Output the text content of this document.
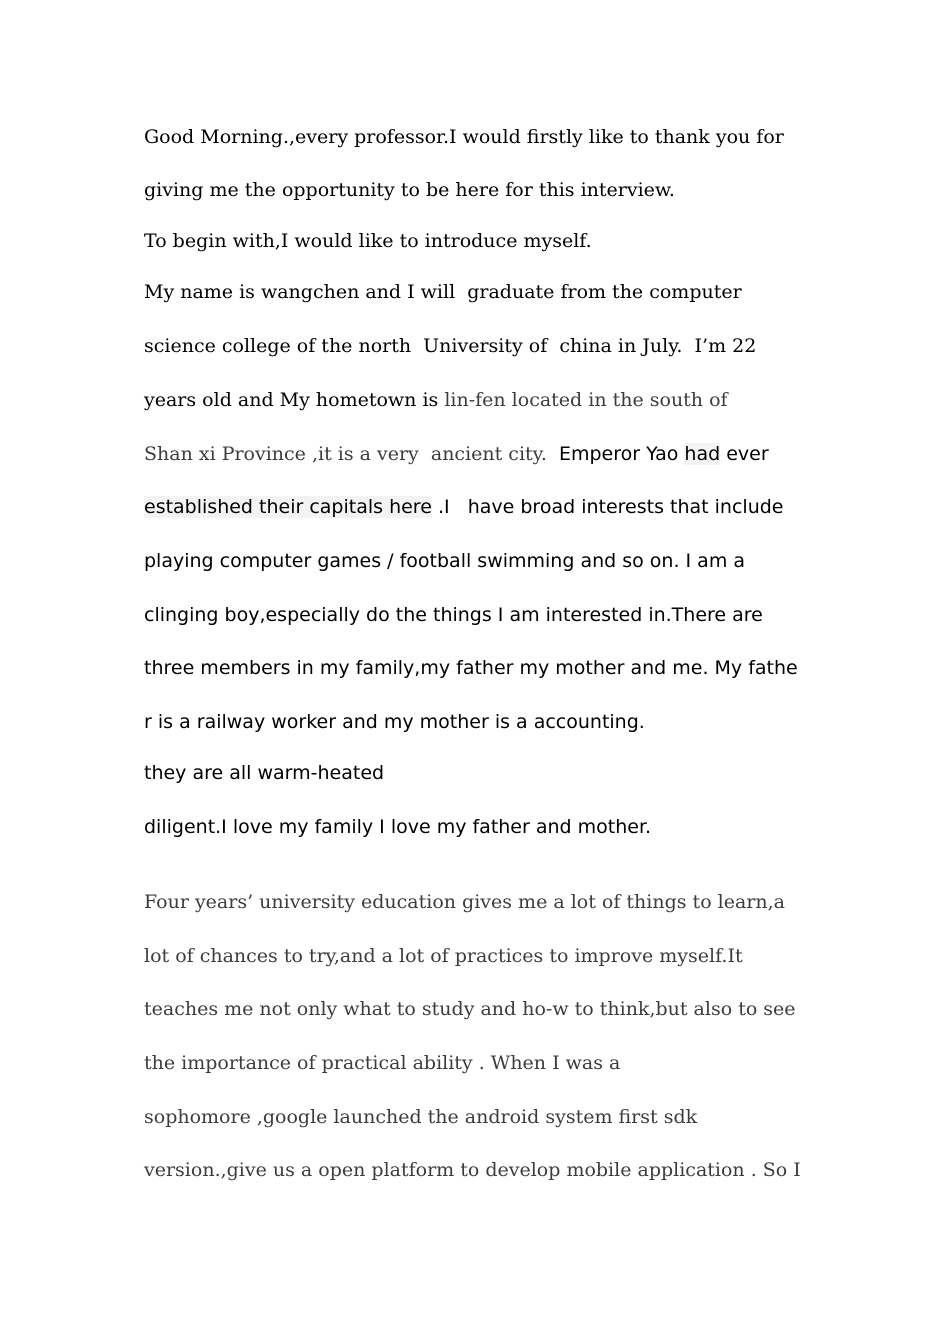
Good Morning.,every professor.I would firstly like to thank you for
giving me the opportunity to be here for this interview.
To begin with,I would like to introduce myself.
My name is wangchen and I will  graduate from the computer
science college of the north  University of  china in July.  I’m 22
years old and My hometown is lin-fen located in the south of
Shan xi Province ,it is a very  ancient city.  Emperor Yao had ever
established their capitals here .I   have broad interests that include
playing computer games / football swimming and so on. I am a
clinging boy,especially do the things I am interested in.There are
three members in my family,my father my mother and me. My fathe
r is a railway worker and my mother is a accounting.
they are all warm-heated
diligent.I love my family I love my father and mother.
Four years’ university education gives me a lot of things to learn,a
lot of chances to try,and a lot of practices to improve myself.It
teaches me not only what to study and ho-w to think,but also to see
the importance of practical ability . When I was a
sophomore ,google launched the android system first sdk
version.,give us a open platform to develop mobile application . So I
